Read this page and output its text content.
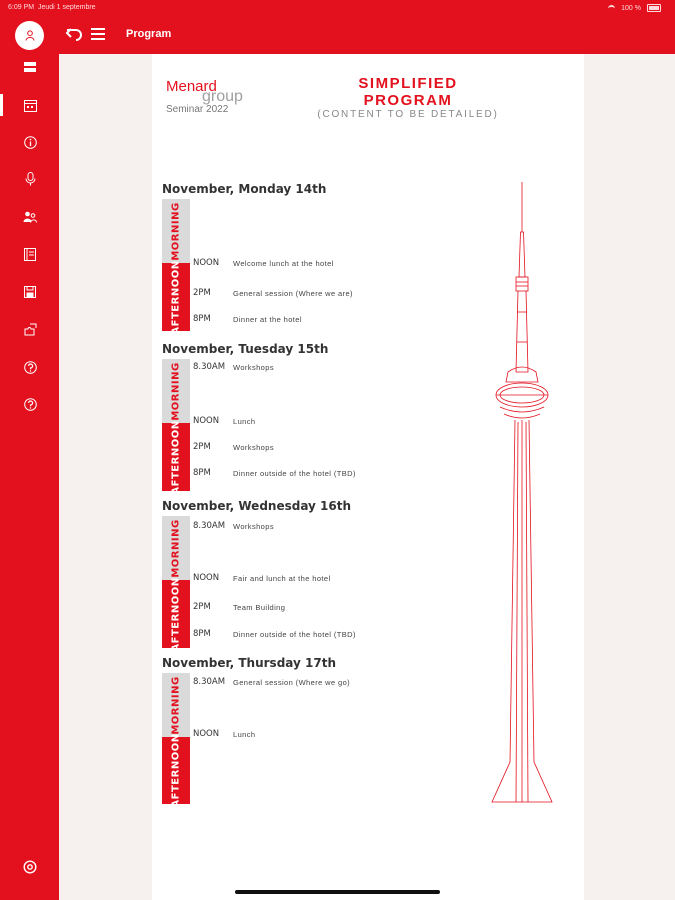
6:09 PM Jeudi 1 septembre	100 %
Program
Menard
group
Seminar 2022
SIMPLIFIED
PROGRAM
(CONTENT TO BE DETAILED)
November, Monday 14th
MORNING
AFTERNOON NOON Welcome lunch at the hotel
2PM	General session (Where we are)
8PM	Dinner at the hotel
November, Tuesday 15th
MORNING
AFTERNOON
8.30AM Workshops
NOON Lunch
2PM	Workshops
8PM	Dinner outside of the hotel (TBD)
November, Wednesday 16th
MORNING
AFTERNOON
8.30AM Workshops
NOON Fair and lunch at the hotel
2PM	Team Building
8PM	Dinner outside of the hotel (TBD)
November, Thursday 17th
MORNING
AFTERNOON
8.30AM General session (Where we go)
NOON Lunch
